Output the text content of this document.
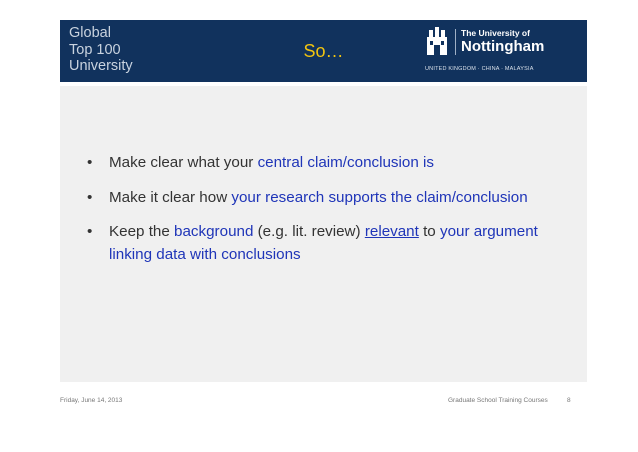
Global
Top 100
University
So…
The University of
Nottingham
UNITED KINGDOM · CHINA · MALAYSIA
• Make clear what your central claim/conclusion is
• Make it clear how your research supports the claim/conclusion
• Keep the background (e.g. lit. review) relevant to your argument linking data with conclusions
Friday, June 14, 2013	Graduate School Training Courses	8
